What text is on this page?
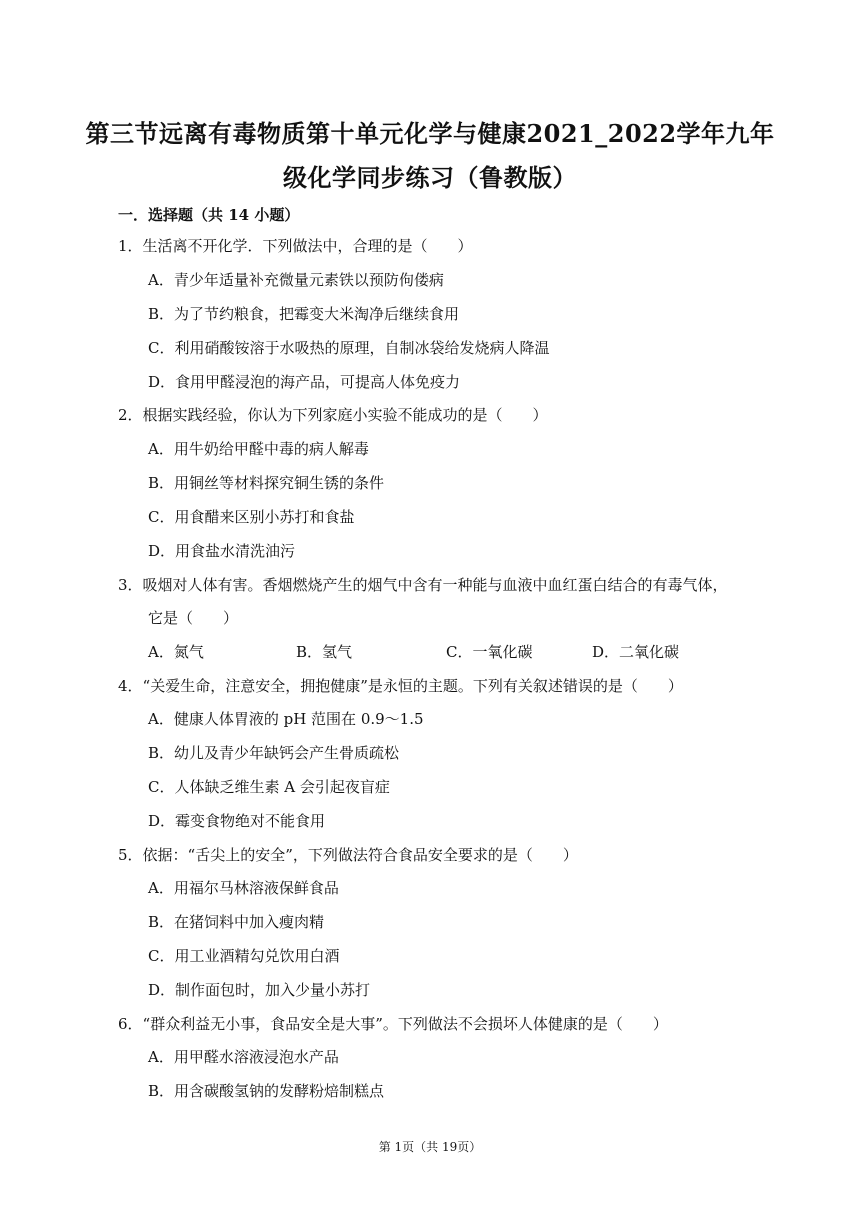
第三节远离有毒物质第十单元化学与健康2021_2022学年九年
级化学同步练习（鲁教版）
一．选择题（共 14 小题）
1．生活离不开化学．下列做法中，合理的是（　　）
A．青少年适量补充微量元素铁以预防佝偻病
B．为了节约粮食，把霉变大米淘净后继续食用
C．利用硝酸铵溶于水吸热的原理，自制冰袋给发烧病人降温
D．食用甲醛浸泡的海产品，可提高人体免疫力
2．根据实践经验，你认为下列家庭小实验不能成功的是（　　）
A．用牛奶给甲醛中毒的病人解毒
B．用铜丝等材料探究铜生锈的条件
C．用食醋来区别小苏打和食盐
D．用食盐水清洗油污
3．吸烟对人体有害。香烟燃烧产生的烟气中含有一种能与血液中血红蛋白结合的有毒气体，
它是（　　）
A．氮气	B．氢气	C．一氧化碳	D．二氧化碳
4．“关爱生命，注意安全，拥抱健康”是永恒的主题。下列有关叙述错误的是（　　）
A．健康人体胃液的 pH 范围在 0.9～1.5
B．幼儿及青少年缺钙会产生骨质疏松
C．人体缺乏维生素 A 会引起夜盲症
D．霉变食物绝对不能食用
5．依据：“舌尖上的安全”，下列做法符合食品安全要求的是（　　）
A．用福尔马林溶液保鲜食品
B．在猪饲料中加入瘦肉精
C．用工业酒精勾兑饮用白酒
D．制作面包时，加入少量小苏打
6．“群众利益无小事，食品安全是大事”。下列做法不会损坏人体健康的是（　　）
A．用甲醛水溶液浸泡水产品
B．用含碳酸氢钠的发酵粉焙制糕点
第 1页（共 19页）
